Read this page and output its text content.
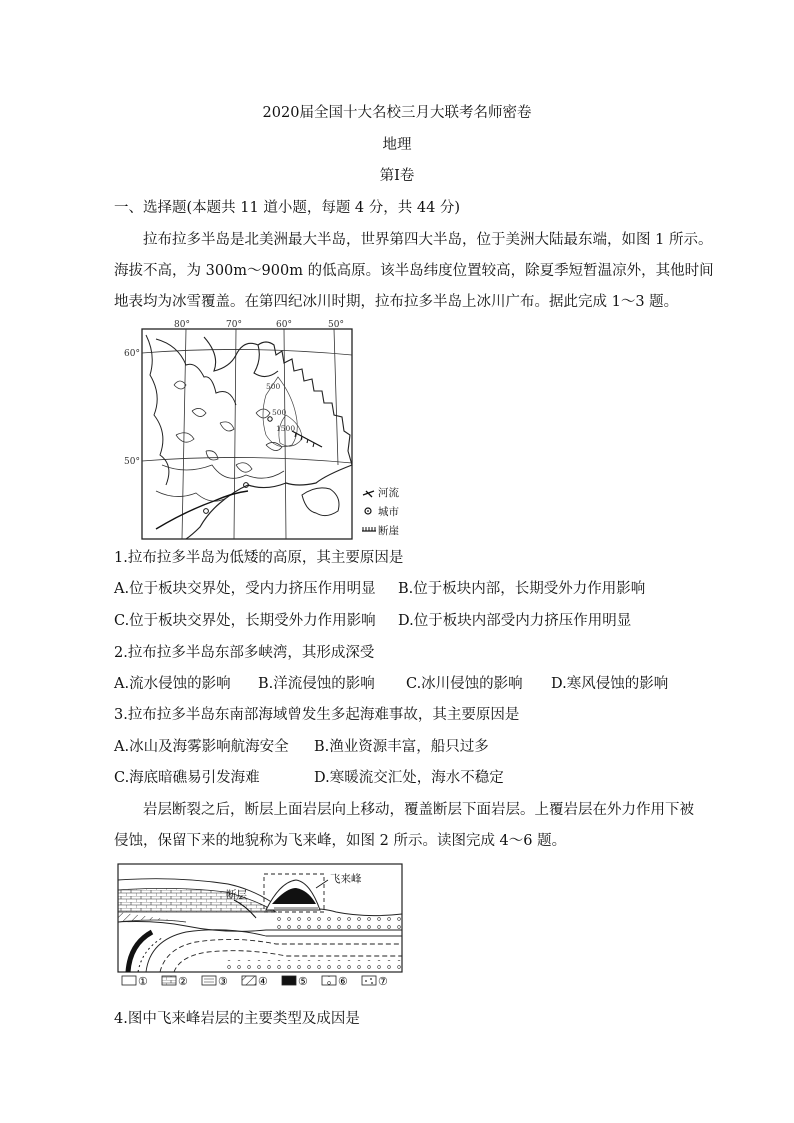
2020届全国十大名校三月大联考名师密卷
地理
第Ⅰ卷
一、选择题(本题共 11 道小题，每题 4 分，共 44 分)
拉布拉多半岛是北美洲最大半岛，世界第四大半岛，位于美洲大陆最东端，如图 1 所示。
海拔不高，为 300m～900m 的低高原。该半岛纬度位置较高，除夏季短暂温凉外，其他时间
地表均为冰雪覆盖。在第四纪冰川时期，拉布拉多半岛上冰川广布。据此完成 1～3 题。
80°	70°	60°	50°
60°
50°
500
500
1500
河流
城市
断崖
1.拉布拉多半岛为低矮的高原，其主要原因是
A.位于板块交界处，受内力挤压作用明显 B.位于板块内部，长期受外力作用影响
C.位于板块交界处，长期受外力作用影响 D.位于板块内部受内力挤压作用明显
2.拉布拉多半岛东部多峡湾，其形成深受
A.流水侵蚀的影响 B.洋流侵蚀的影响 C.冰川侵蚀的影响 D.寒风侵蚀的影响
3.拉布拉多半岛东南部海域曾发生多起海难事故，其主要原因是
A.冰山及海雾影响航海安全 B.渔业资源丰富，船只过多
C.海底暗礁易引发海难	D.寒暖流交汇处，海水不稳定
岩层断裂之后，断层上面岩层向上移动，覆盖断层下面岩层。上覆岩层在外力作用下被
侵蚀，保留下来的地貌称为飞来峰，如图 2 所示。读图完成 4～6 题。
飞来峰
断层
①	②	③	④	⑤	⑥	⑦
4.图中飞来峰岩层的主要类型及成因是
